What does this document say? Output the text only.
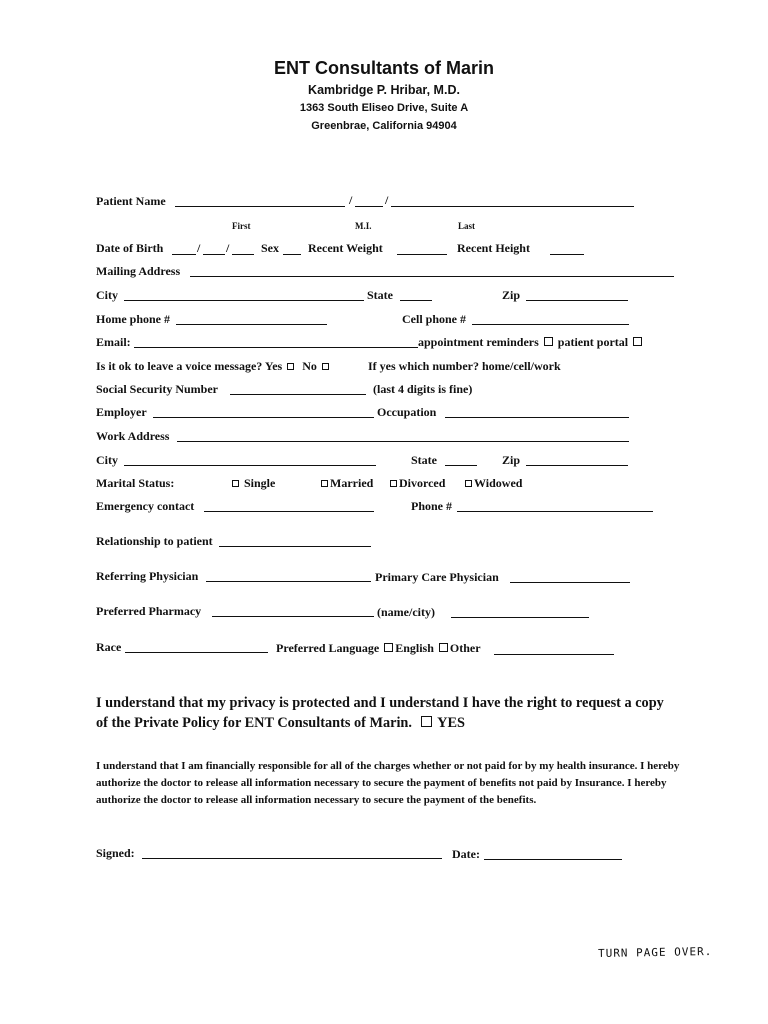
ENT Consultants of Marin
Kambridge P. Hribar, M.D.
1363 South Eliseo Drive, Suite A
Greenbrae, California 94904
Patient Name	/	/
First	M.I.	Last
Date of Birth	/ /	Sex Recent Weight	Recent Height
Mailing Address
City	State	Zip
Home phone #	Cell phone #
Email:	appointment reminders patient portal
Is it ok to leave a voice message? Yes No	If yes which number? home/cell/work
Social Security Number	(last 4 digits is fine)
Employer	Occupation
Work Address
City	State	Zip
Marital Status:	Single	Married	Divorced	Widowed
Emergency contact	Phone #
Relationship to patient
Referring Physician	Primary Care Physician
Preferred Pharmacy	(name/city)
Race	Preferred Language English Other
I understand that my privacy is protected and I understand I have the right to request a copy of the Private Policy for ENT Consultants of Marin. YES
I understand that I am financially responsible for all of the charges whether or not paid for by my health insurance. I hereby authorize the doctor to release all information necessary to secure the payment of benefits not paid by Insurance. I hereby authorize the doctor to release all information necessary to secure the payment of the benefits.
Signed:	Date:
TURN PAGE OVER.
